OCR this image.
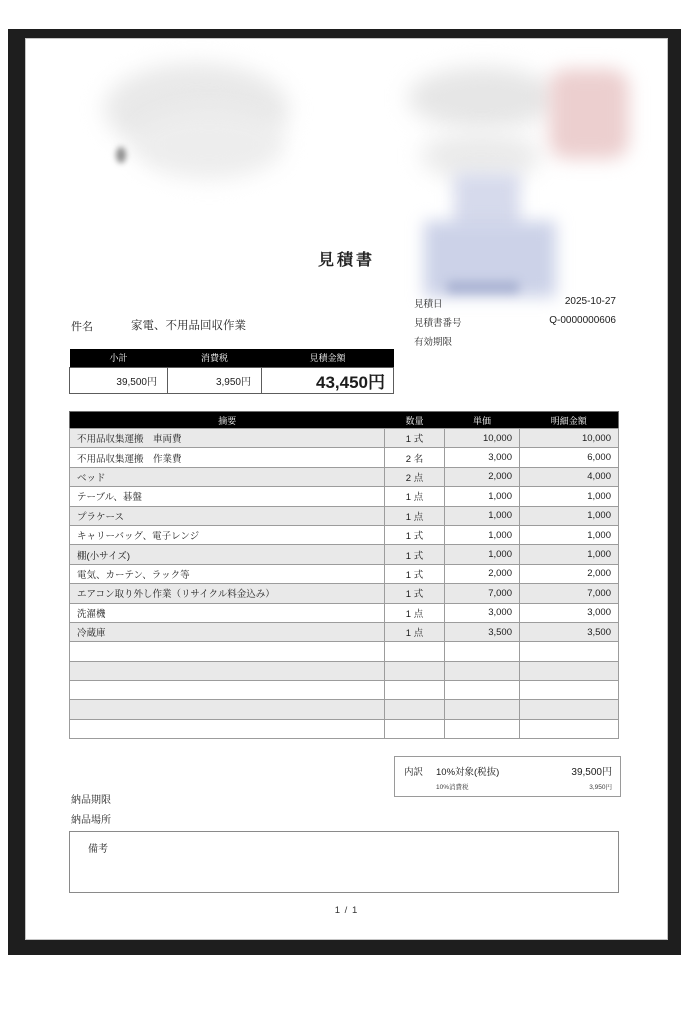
見積書
件名	家電、不用品回収作業
見積日	2025-10-27
見積書番号	Q-0000000606
有効期限
小計	消費税	見積金額
39,500円	3,950円	43,450円
摘要	数量	単価	明細金額
不用品収集運搬　車両費	1 式	10,000	10,000
不用品収集運搬　作業費	2 名	3,000	6,000
ベッド	2 点	2,000	4,000
テーブル、碁盤	1 点	1,000	1,000
プラケース	1 点	1,000	1,000
キャリーバッグ、電子レンジ	1 式	1,000	1,000
棚(小サイズ)	1 式	1,000	1,000
電気、カーテン、ラック等	1 式	2,000	2,000
エアコン取り外し作業（リサイクル料金込み）	1 式	7,000	7,000
洗濯機	1 点	3,000	3,000
冷蔵庫	1 点	3,500	3,500

内訳 10%対象(税抜)	39,500円
10%消費税	3,950円
納品期限
納品場所
備考
1 / 1
